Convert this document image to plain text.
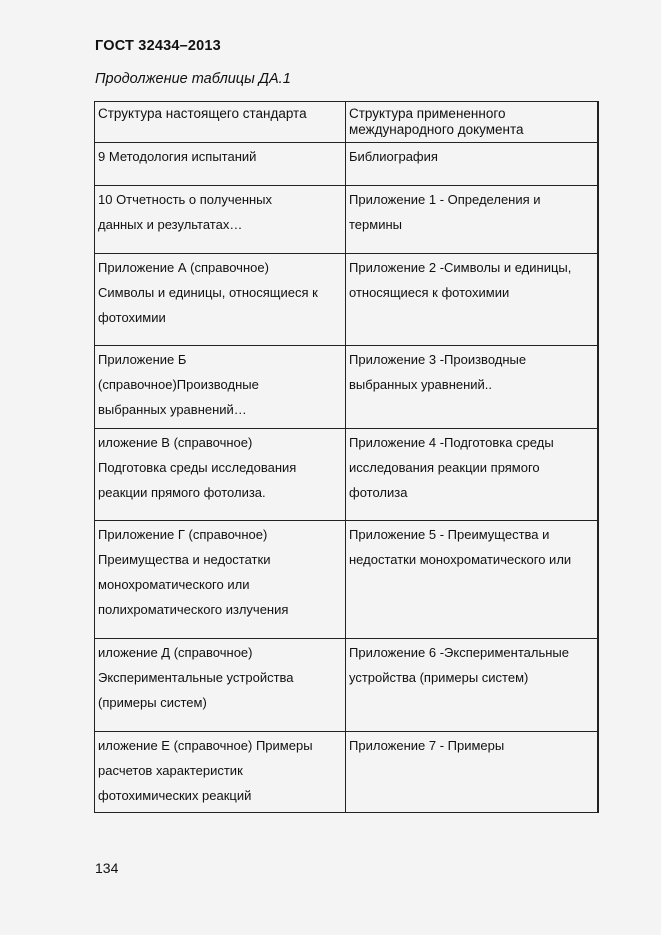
ГОСТ 32434–2013
Продолжение таблицы ДА.1
Структура настоящего стандарта	Структура примененного
международного документа
9 Методология испытаний	Библиография
10 Отчетность о полученных
данных и результатах…
Приложение 1 - Определения и
термины
Приложение А (справочное)
Символы и единицы, относящиеся к
фотохимии
Приложение 2 -Символы и единицы,
относящиеся к фотохимии
Приложение Б
(справочное)Производные
выбранных уравнений…
Приложение 3 -Производные
выбранных уравнений..
иложение В (справочное)
Подготовка среды исследования
реакции прямого фотолиза.
Приложение 4 -Подготовка среды
исследования реакции прямого
фотолиза
Приложение Г (справочное)
Преимущества и недостатки
монохроматического или
полихроматического излучения
Приложение 5 - Преимущества и
недостатки монохроматического или
иложение Д (справочное)
Экспериментальные устройства
(примеры систем)
Приложение 6 -Экспериментальные
устройства (примеры систем)
иложение Е (справочное) Примеры
расчетов характеристик
фотохимических реакций
Приложение 7 - Примеры
134
